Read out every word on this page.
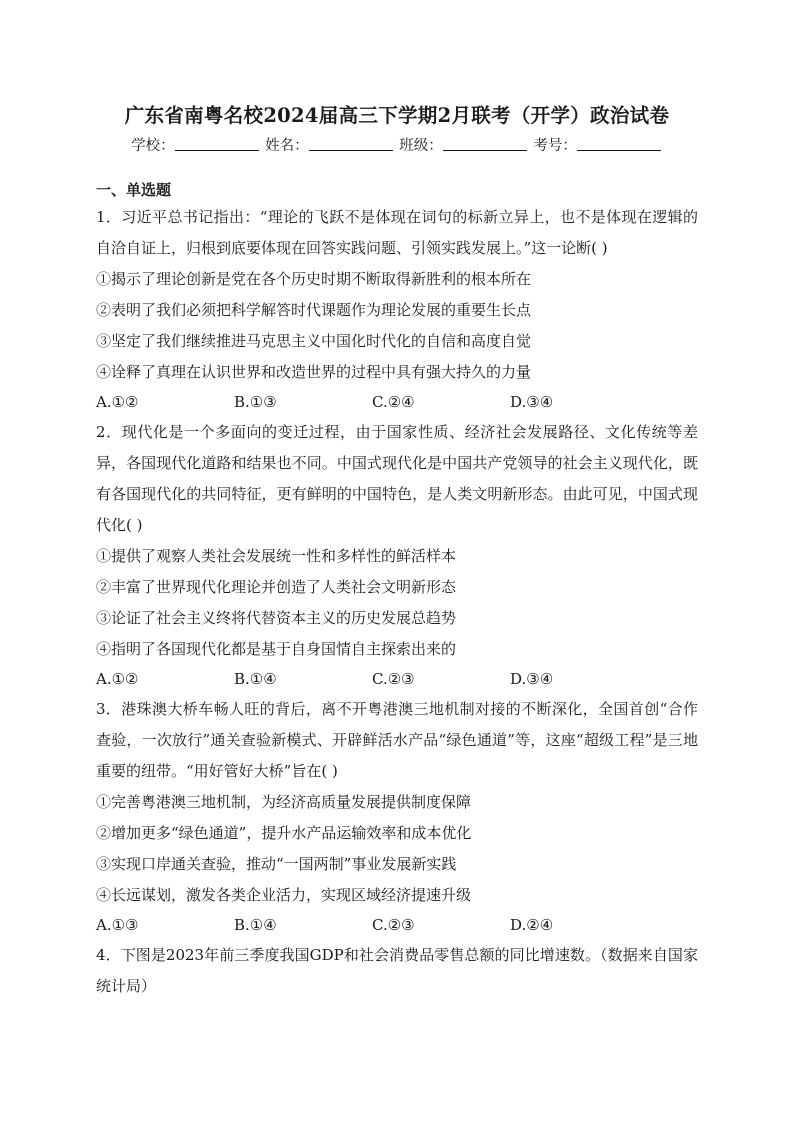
广东省南粤名校2024届高三下学期2月联考（开学）政治试卷
学校：	姓名：	班级：	考号：

一、单选题

1．习近平总书记指出：“理论的飞跃不是体现在词句的标新立异上，也不是体现在逻辑的自洽自证上，归根到底要体现在回答实践问题、引领实践发展上。”这一论断( )

①揭示了理论创新是党在各个历史时期不断取得新胜利的根本所在

②表明了我们必须把科学解答时代课题作为理论发展的重要生长点

③坚定了我们继续推进马克思主义中国化时代化的自信和高度自觉

④诠释了真理在认识世界和改造世界的过程中具有强大持久的力量

A.①②	B.①③	C.②④	D.③④

2．现代化是一个多面向的变迁过程，由于国家性质、经济社会发展路径、文化传统等差异，各国现代化道路和结果也不同。中国式现代化是中国共产党领导的社会主义现代化，既有各国现代化的共同特征，更有鲜明的中国特色，是人类文明新形态。由此可见，中国式现代化( )

①提供了观察人类社会发展统一性和多样性的鲜活样本

②丰富了世界现代化理论并创造了人类社会文明新形态

③论证了社会主义终将代替资本主义的历史发展总趋势

④指明了各国现代化都是基于自身国情自主探索出来的

A.①②	B.①④	C.②③	D.③④

3．港珠澳大桥车畅人旺的背后，离不开粤港澳三地机制对接的不断深化，全国首创“合作查验，一次放行”通关查验新模式、开辟鲜活水产品“绿色通道”等，这座“超级工程”是三地重要的纽带。“用好管好大桥”旨在( )

①完善粤港澳三地机制，为经济高质量发展提供制度保障

②增加更多“绿色通道”，提升水产品运输效率和成本优化

③实现口岸通关查验，推动“一国两制”事业发展新实践

④长远谋划，激发各类企业活力，实现区域经济提速升级

A.①③	B.①④	C.②③	D.②④

4．下图是2023年前三季度我国GDP和社会消费品零售总额的同比增速数。（数据来自国家统计局）
